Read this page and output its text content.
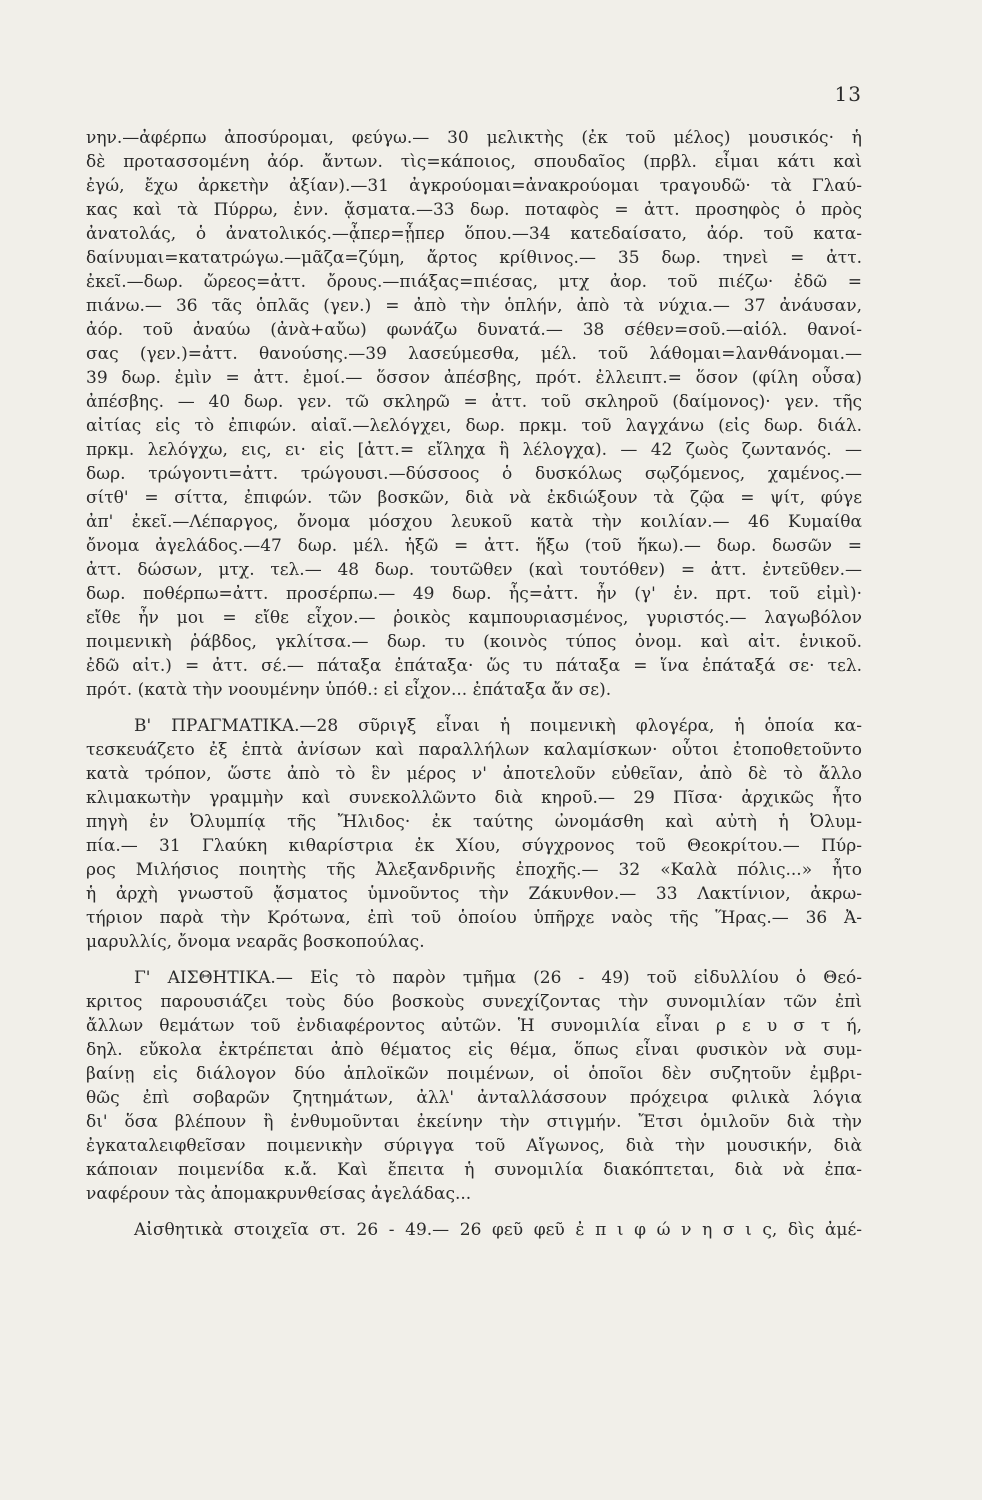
13
νην.—ἀφέρπω ἀποσύρομαι, φεύγω.— 30 μελικτὴς (ἐκ τοῦ μέλος) μουσικός· ἡ
δὲ προτασσομένη ἀόρ. ἄντων. τὶς=κάποιος, σπουδαῖος (πρβλ. εἶμαι κάτι καὶ
ἐγώ, ἔχω ἀρκετὴν ἀξίαν).—31 ἀγκρούομαι=ἀνακρούομαι τραγουδῶ· τὰ Γλαύ-
κας καὶ τὰ Πύρρω, ἐνν. ᾄσματα.—33 δωρ. ποταφὸς = ἀττ. προσηφὸς ὁ πρὸς
ἀνατολάς, ὁ ἀνατολικός.—ᾆπερ=ᾗπερ ὅπου.—34 κατεδαίσατο, ἀόρ. τοῦ κατα-
δαίνυμαι=κατατρώγω.—μᾶζα=ζύμη, ἄρτος κρίθινος.— 35 δωρ. τηνεὶ = ἀττ.
ἐκεῖ.—δωρ. ὤρεος=ἀττ. ὄρους.—πιάξας=πιέσας, μτχ ἀορ. τοῦ πιέζω· ἐδῶ =
πιάνω.— 36 τᾶς ὁπλᾶς (γεν.) = ἀπὸ τὴν ὁπλήν, ἀπὸ τὰ νύχια.— 37 ἀνάυσαν,
ἀόρ. τοῦ ἀναύω (ἀνὰ+αὔω) φωνάζω δυνατά.— 38 σέθεν=σοῦ.—αἰόλ. θανοί-
σας (γεν.)=ἀττ. θανούσης.—39 λασεύμεσθα, μέλ. τοῦ λάθομαι=λανθάνομαι.—
39 δωρ. ἐμὶν = ἀττ. ἐμοί.— ὅσσον ἀπέσβης, πρότ. ἐλλειπτ.= ὅσον (φίλη οὖσα)
ἀπέσβης. — 40 δωρ. γεν. τῶ σκληρῶ = ἀττ. τοῦ σκληροῦ (δαίμονος)· γεν. τῆς
αἰτίας εἰς τὸ ἐπιφών. αἰαῖ.—λελόγχει, δωρ. πρκμ. τοῦ λαγχάνω (εἰς δωρ. διάλ.
πρκμ. λελόγχω, εις, ει· εἰς [ἀττ.= εἴληχα ἢ λέλογχα). — 42 ζωὸς ζωντανός. —
δωρ. τρώγοντι=ἀττ. τρώγουσι.—δύσσοος ὁ δυσκόλως σῳζόμενος, χαμένος.—
σίτθ' = σίττα, ἐπιφών. τῶν βοσκῶν, διὰ νὰ ἐκδιώξουν τὰ ζῷα = ψίτ, φύγε
ἀπ' ἐκεῖ.—Λέπαργος, ὄνομα μόσχου λευκοῦ κατὰ τὴν κοιλίαν.— 46 Κυμαίθα
ὄνομα ἀγελάδος.—47 δωρ. μέλ. ἡξῶ = ἀττ. ἥξω (τοῦ ἥκω).— δωρ. δωσῶν =
ἀττ. δώσων, μτχ. τελ.— 48 δωρ. τουτῶθεν (καὶ τουτόθεν) = ἀττ. ἐντεῦθεν.—
δωρ. ποθέρπω=ἀττ. προσέρπω.— 49 δωρ. ἧς=ἀττ. ἦν (γ' ἑν. πρτ. τοῦ εἰμὶ)·
εἴθε ἦν μοι = εἴθε εἶχον.— ῥοικὸς καμπουριασμένος, γυριστός.— λαγωβόλον
ποιμενικὴ ῥάβδος, γκλίτσα.— δωρ. τυ (κοινὸς τύπος ὀνομ. καὶ αἰτ. ἑνικοῦ.
ἐδῶ αἰτ.) = ἀττ. σέ.— πάταξα ἐπάταξα· ὥς τυ πάταξα = ἵνα ἐπάταξά σε· τελ.
πρότ. (κατὰ τὴν νοουμένην ὑπόθ.: εἰ εἶχον... ἐπάταξα ἄν σε).
Β' ΠΡΑΓΜΑΤΙΚΑ.—28 σῦριγξ εἶναι ἡ ποιμενικὴ φλογέρα, ἡ ὁποία κα-
τεσκευάζετο ἐξ ἑπτὰ ἀνίσων καὶ παραλλήλων καλαμίσκων· οὗτοι ἐτοποθετοῦντο
κατὰ τρόπον, ὥστε ἀπὸ τὸ ἓν μέρος ν' ἀποτελοῦν εὐθεῖαν, ἀπὸ δὲ τὸ ἄλλο
κλιμακωτὴν γραμμὴν καὶ συνεκολλῶντο διὰ κηροῦ.— 29 Πῖσα· ἀρχικῶς ἦτο
πηγὴ ἐν Ὀλυμπίᾳ τῆς Ἤλιδος· ἐκ ταύτης ὠνομάσθη καὶ αὐτὴ ἡ Ὀλυμ-
πία.— 31 Γλαύκη κιθαρίστρια ἐκ Χίου, σύγχρονος τοῦ Θεοκρίτου.— Πύρ-
ρος Μιλήσιος ποιητὴς τῆς Ἀλεξανδρινῆς ἐποχῆς.— 32 «Καλὰ πόλις...» ἦτο
ἡ ἀρχὴ γνωστοῦ ᾄσματος ὑμνοῦντος τὴν Ζάκυνθον.— 33 Λακτίνιον, ἀκρω-
τήριον παρὰ τὴν Κρότωνα, ἐπὶ τοῦ ὁποίου ὑπῆρχε ναὸς τῆς Ἥρας.— 36 Ἀ-
μαρυλλίς, ὄνομα νεαρᾶς βοσκοπούλας.
Γ' ΑΙΣΘΗΤΙΚΑ.— Εἰς τὸ παρὸν τμῆμα (26 - 49) τοῦ εἰδυλλίου ὁ Θεό-
κριτος παρουσιάζει τοὺς δύο βοσκοὺς συνεχίζοντας τὴν συνομιλίαν τῶν ἐπὶ
ἄλλων θεμάτων τοῦ ἐνδιαφέροντος αὐτῶν. Ἡ συνομιλία εἶναι ρ ε υ σ τ ή,
δηλ. εὔκολα ἐκτρέπεται ἀπὸ θέματος εἰς θέμα, ὅπως εἶναι φυσικὸν νὰ συμ-
βαίνῃ εἰς διάλογον δύο ἁπλοϊκῶν ποιμένων, οἱ ὁποῖοι δὲν συζητοῦν ἐμβρι-
θῶς ἐπὶ σοβαρῶν ζητημάτων, ἀλλ' ἀνταλλάσσουν πρόχειρα φιλικὰ λόγια
δι' ὅσα βλέπουν ἢ ἐνθυμοῦνται ἐκείνην τὴν στιγμήν. Ἔτσι ὁμιλοῦν διὰ τὴν
ἐγκαταλειφθεῖσαν ποιμενικὴν σύριγγα τοῦ Αἴγωνος, διὰ τὴν μουσικήν, διὰ
κάποιαν ποιμενίδα κ.ἄ. Καὶ ἔπειτα ἡ συνομιλία διακόπτεται, διὰ νὰ ἐπα-
ναφέρουν τὰς ἀπομακρυνθείσας ἀγελάδας...
Αἰσθητικὰ στοιχεῖα στ. 26 - 49.— 26 φεῦ φεῦ ἐ π ι φ ώ ν η σ ι ς, δὶς ἀμέ-
